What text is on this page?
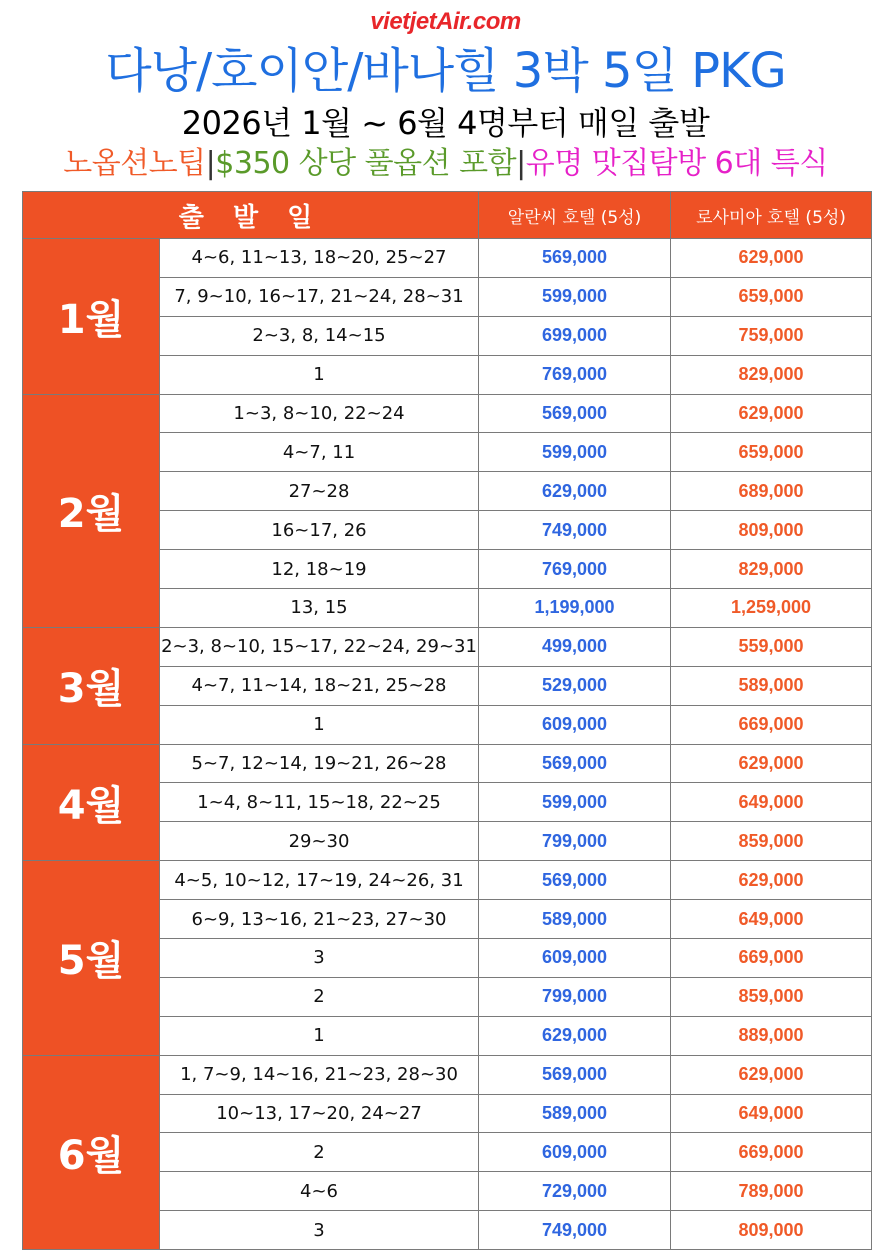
vietjetAir.com
다낭/호이안/바나힐 3박 5일 PKG
2026년 1월 ~ 6월 4명부터 매일 출발
노옵션노팁|$350 상당 풀옵션 포함|유명 맛집탐방 6대 특식
출 발 일		알란씨 호텔 (5성)	로사미아 호텔 (5성)
1월	4~6, 11~13, 18~20, 25~27	569,000	629,000
	7, 9~10, 16~17, 21~24, 28~31	599,000	659,000
	2~3, 8, 14~15	699,000	759,000
	1	769,000	829,000
2월	1~3, 8~10, 22~24	569,000	629,000
	4~7, 11	599,000	659,000
	27~28	629,000	689,000
	16~17, 26	749,000	809,000
	12, 18~19	769,000	829,000
	13, 15	1,199,000	1,259,000
3월	2~3, 8~10, 15~17, 22~24, 29~31	499,000	559,000
	4~7, 11~14, 18~21, 25~28	529,000	589,000
	1	609,000	669,000
4월	5~7, 12~14, 19~21, 26~28	569,000	629,000
	1~4, 8~11, 15~18, 22~25	599,000	649,000
	29~30	799,000	859,000
5월	4~5, 10~12, 17~19, 24~26, 31	569,000	629,000
	6~9, 13~16, 21~23, 27~30	589,000	649,000
	3	609,000	669,000
	2	799,000	859,000
	1	629,000	889,000
6월	1, 7~9, 14~16, 21~23, 28~30	569,000	629,000
	10~13, 17~20, 24~27	589,000	649,000
	2	609,000	669,000
	4~6	729,000	789,000
	3	749,000	809,000
